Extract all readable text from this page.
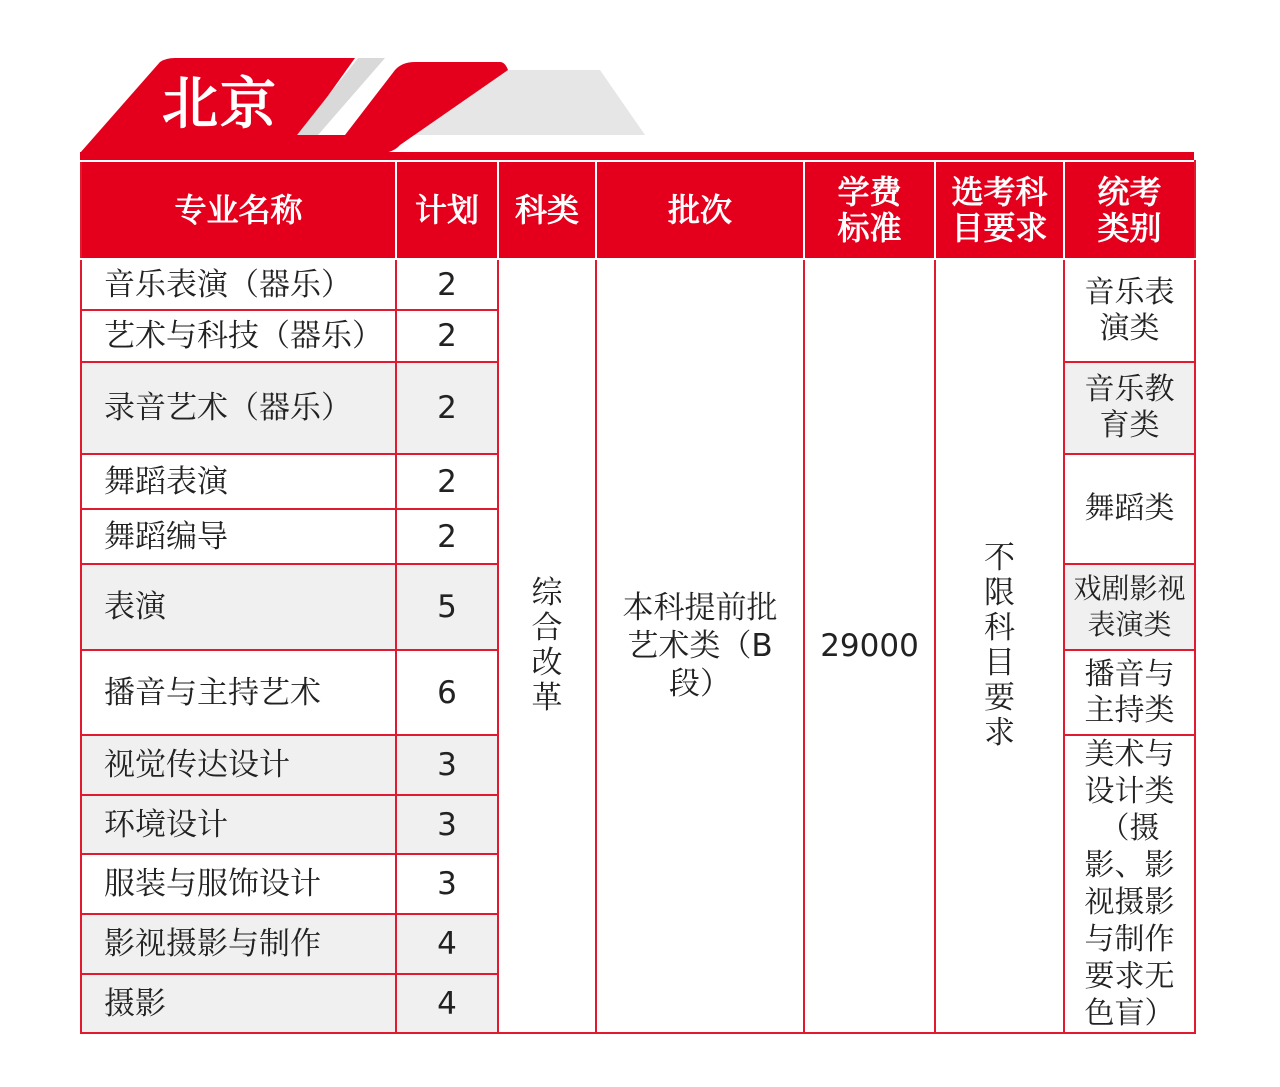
北京
专业名称	计划	科类	批次	学费标准	选考科目要求	统考类别
音乐表演（器乐）	2	综合改革	本科提前批艺术类（B段）	29000	不限科目要求	音乐表演类
艺术与科技（器乐）	2					
录音艺术（器乐）	2					音乐教育类
舞蹈表演	2					舞蹈类
舞蹈编导	2					
表演	5					戏剧影视表演类
播音与主持艺术	6					播音与主持类
视觉传达设计	3					美术与设计类（摄影、影视摄影与制作要求无色盲）
环境设计	3					
服装与服饰设计	3					
影视摄影与制作	4					
摄影	4					
